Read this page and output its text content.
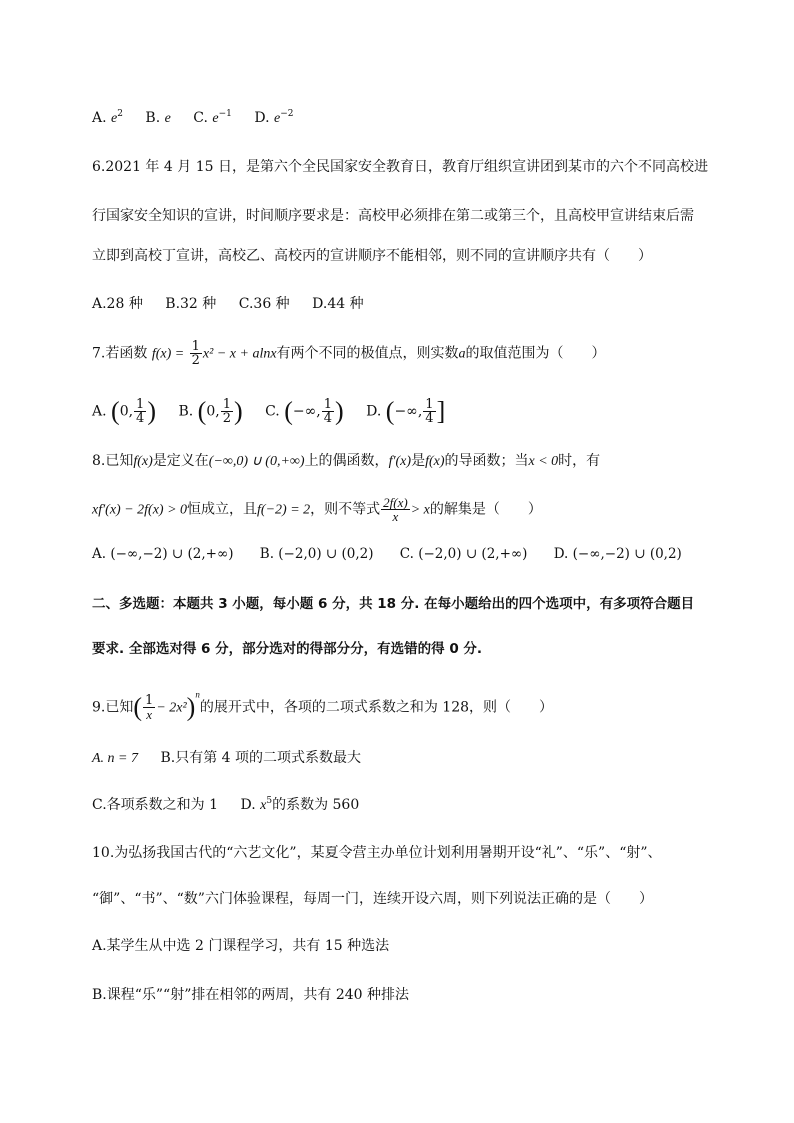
A. $e^2$ B. e C. $e^{-1}$ D. $e^{-2}$
6.2021 年 4 月 15 日，是第六个全民国家安全教育日，教育厅组织宣讲团到某市的六个不同高校进
行国家安全知识的宣讲，时间顺序要求是：高校甲必须排在第二或第三个，且高校甲宣讲结束后需
立即到高校丁宣讲，高校乙、高校丙的宣讲顺序不能相邻，则不同的宣讲顺序共有（　　）
A.28 种 B.32 种 C.36 种 D.44 种
7.若函数 $f(x) = \frac{1}{2} x^2 - x + alnx$有两个不同的极值点，则实数a的取值范围为（　　）
A. (0, $\frac{1}{4}$ ) B. (0, $\frac{1}{2}$ ) C. (−∞, $\frac{1}{4}$ ) D. (−∞, $\frac{1}{4}$ ]
8.已知f(x)是定义在(−∞,0) ∪ (0,+∞)上的偶函数，f′(x)是f(x)的导函数；当x < 0时，有
xf′(x) − 2f(x) > 0恒成立，且f(−2) = 2，则不等式 $\frac{2f(x)}{x} > x$的解集是（　　）
A. (−∞,−2) ∪ (2,+∞) B. (−2,0) ∪ (0,2) C. (−2,0) ∪ (2,+∞) D. (−∞,−2) ∪ (0,2)
二、多选题：本题共 3 小题，每小题 6 分，共 18 分. 在每小题给出的四个选项中，有多项符合题目
要求. 全部选对得 6 分，部分选对的得部分分，有选错的得 0 分.
9.已知( $\frac{1}{x} - 2x^2)^n$的展开式中，各项的二项式系数之和为 128，则（　　）
A. n = 7 B.只有第 4 项的二项式系数最大
C.各项系数之和为 1 D. $x^5$的系数为 560
10.为弘扬我国古代的“六艺文化”，某夏令营主办单位计划利用暑期开设“礼”、“乐”、“射”、
“御”、“书”、“数”六门体验课程，每周一门，连续开设六周，则下列说法正确的是（　　）
A.某学生从中选 2 门课程学习，共有 15 种选法
B.课程“乐”“射”排在相邻的两周，共有 240 种排法
